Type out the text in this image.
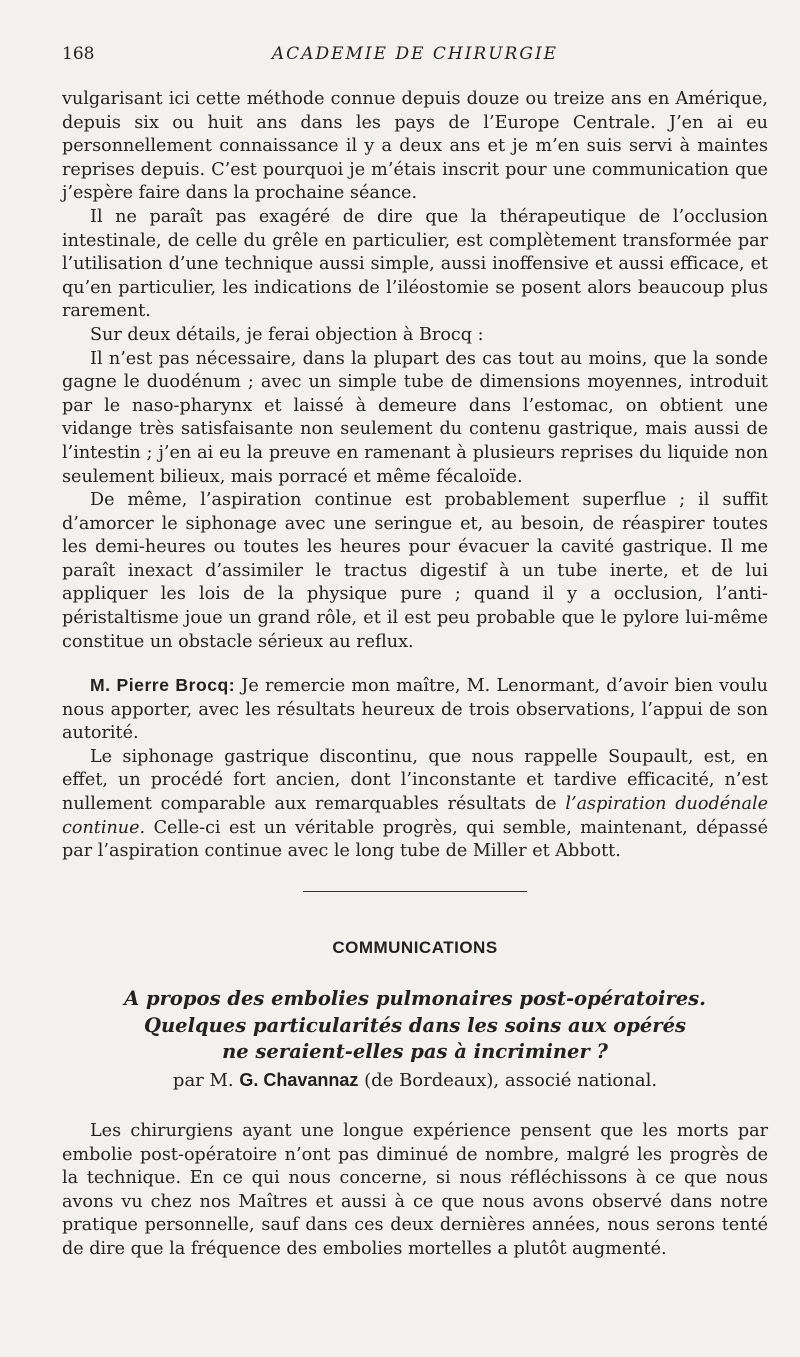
168	ACADEMIE DE CHIRURGIE

vulgarisant ici cette méthode connue depuis douze ou treize ans en Amérique, depuis six ou huit ans dans les pays de l’Europe Centrale. J’en ai eu personnellement connaissance il y a deux ans et je m’en suis servi à maintes reprises depuis. C’est pourquoi je m’étais inscrit pour une communication que j’espère faire dans la prochaine séance.

Il ne paraît pas exagéré de dire que la thérapeutique de l’occlusion intestinale, de celle du grêle en particulier, est complètement transformée par l’utilisation d’une technique aussi simple, aussi inoffensive et aussi efficace, et qu’en particulier, les indications de l’iléostomie se posent alors beaucoup plus rarement.

Sur deux détails, je ferai objection à Brocq :

Il n’est pas nécessaire, dans la plupart des cas tout au moins, que la sonde gagne le duodénum ; avec un simple tube de dimensions moyennes, introduit par le naso-pharynx et laissé à demeure dans l’estomac, on obtient une vidange très satisfaisante non seulement du contenu gastrique, mais aussi de l’intestin ; j’en ai eu la preuve en ramenant à plusieurs reprises du liquide non seulement bilieux, mais porracé et même fécaloïde.

De même, l’aspiration continue est probablement superflue ; il suffit d’amorcer le siphonage avec une seringue et, au besoin, de réaspirer toutes les demi-heures ou toutes les heures pour évacuer la cavité gastrique. Il me paraît inexact d’assimiler le tractus digestif à un tube inerte, et de lui appliquer les lois de la physique pure ; quand il y a occlusion, l’anti-péristaltisme joue un grand rôle, et il est peu probable que le pylore lui-même constitue un obstacle sérieux au reflux.

M. Pierre Brocq: Je remercie mon maître, M. Lenormant, d’avoir bien voulu nous apporter, avec les résultats heureux de trois observations, l’appui de son autorité.

Le siphonage gastrique discontinu, que nous rappelle Soupault, est, en effet, un procédé fort ancien, dont l’inconstante et tardive efficacité, n’est nullement comparable aux remarquables résultats de l’aspiration duodénale continue. Celle-ci est un véritable progrès, qui semble, maintenant, dépassé par l’aspiration continue avec le long tube de Miller et Abbott.

COMMUNICATIONS
A propos des embolies pulmonaires post-opératoires.
Quelques particularités dans les soins aux opérés
ne seraient-elles pas à incriminer ?
par M. G. Chavannaz (de Bordeaux), associé national.

Les chirurgiens ayant une longue expérience pensent que les morts par embolie post-opératoire n’ont pas diminué de nombre, malgré les progrès de la technique. En ce qui nous concerne, si nous réfléchissons à ce que nous avons vu chez nos Maîtres et aussi à ce que nous avons observé dans notre pratique personnelle, sauf dans ces deux dernières années, nous serons tenté de dire que la fréquence des embolies mortelles a plutôt augmenté.
